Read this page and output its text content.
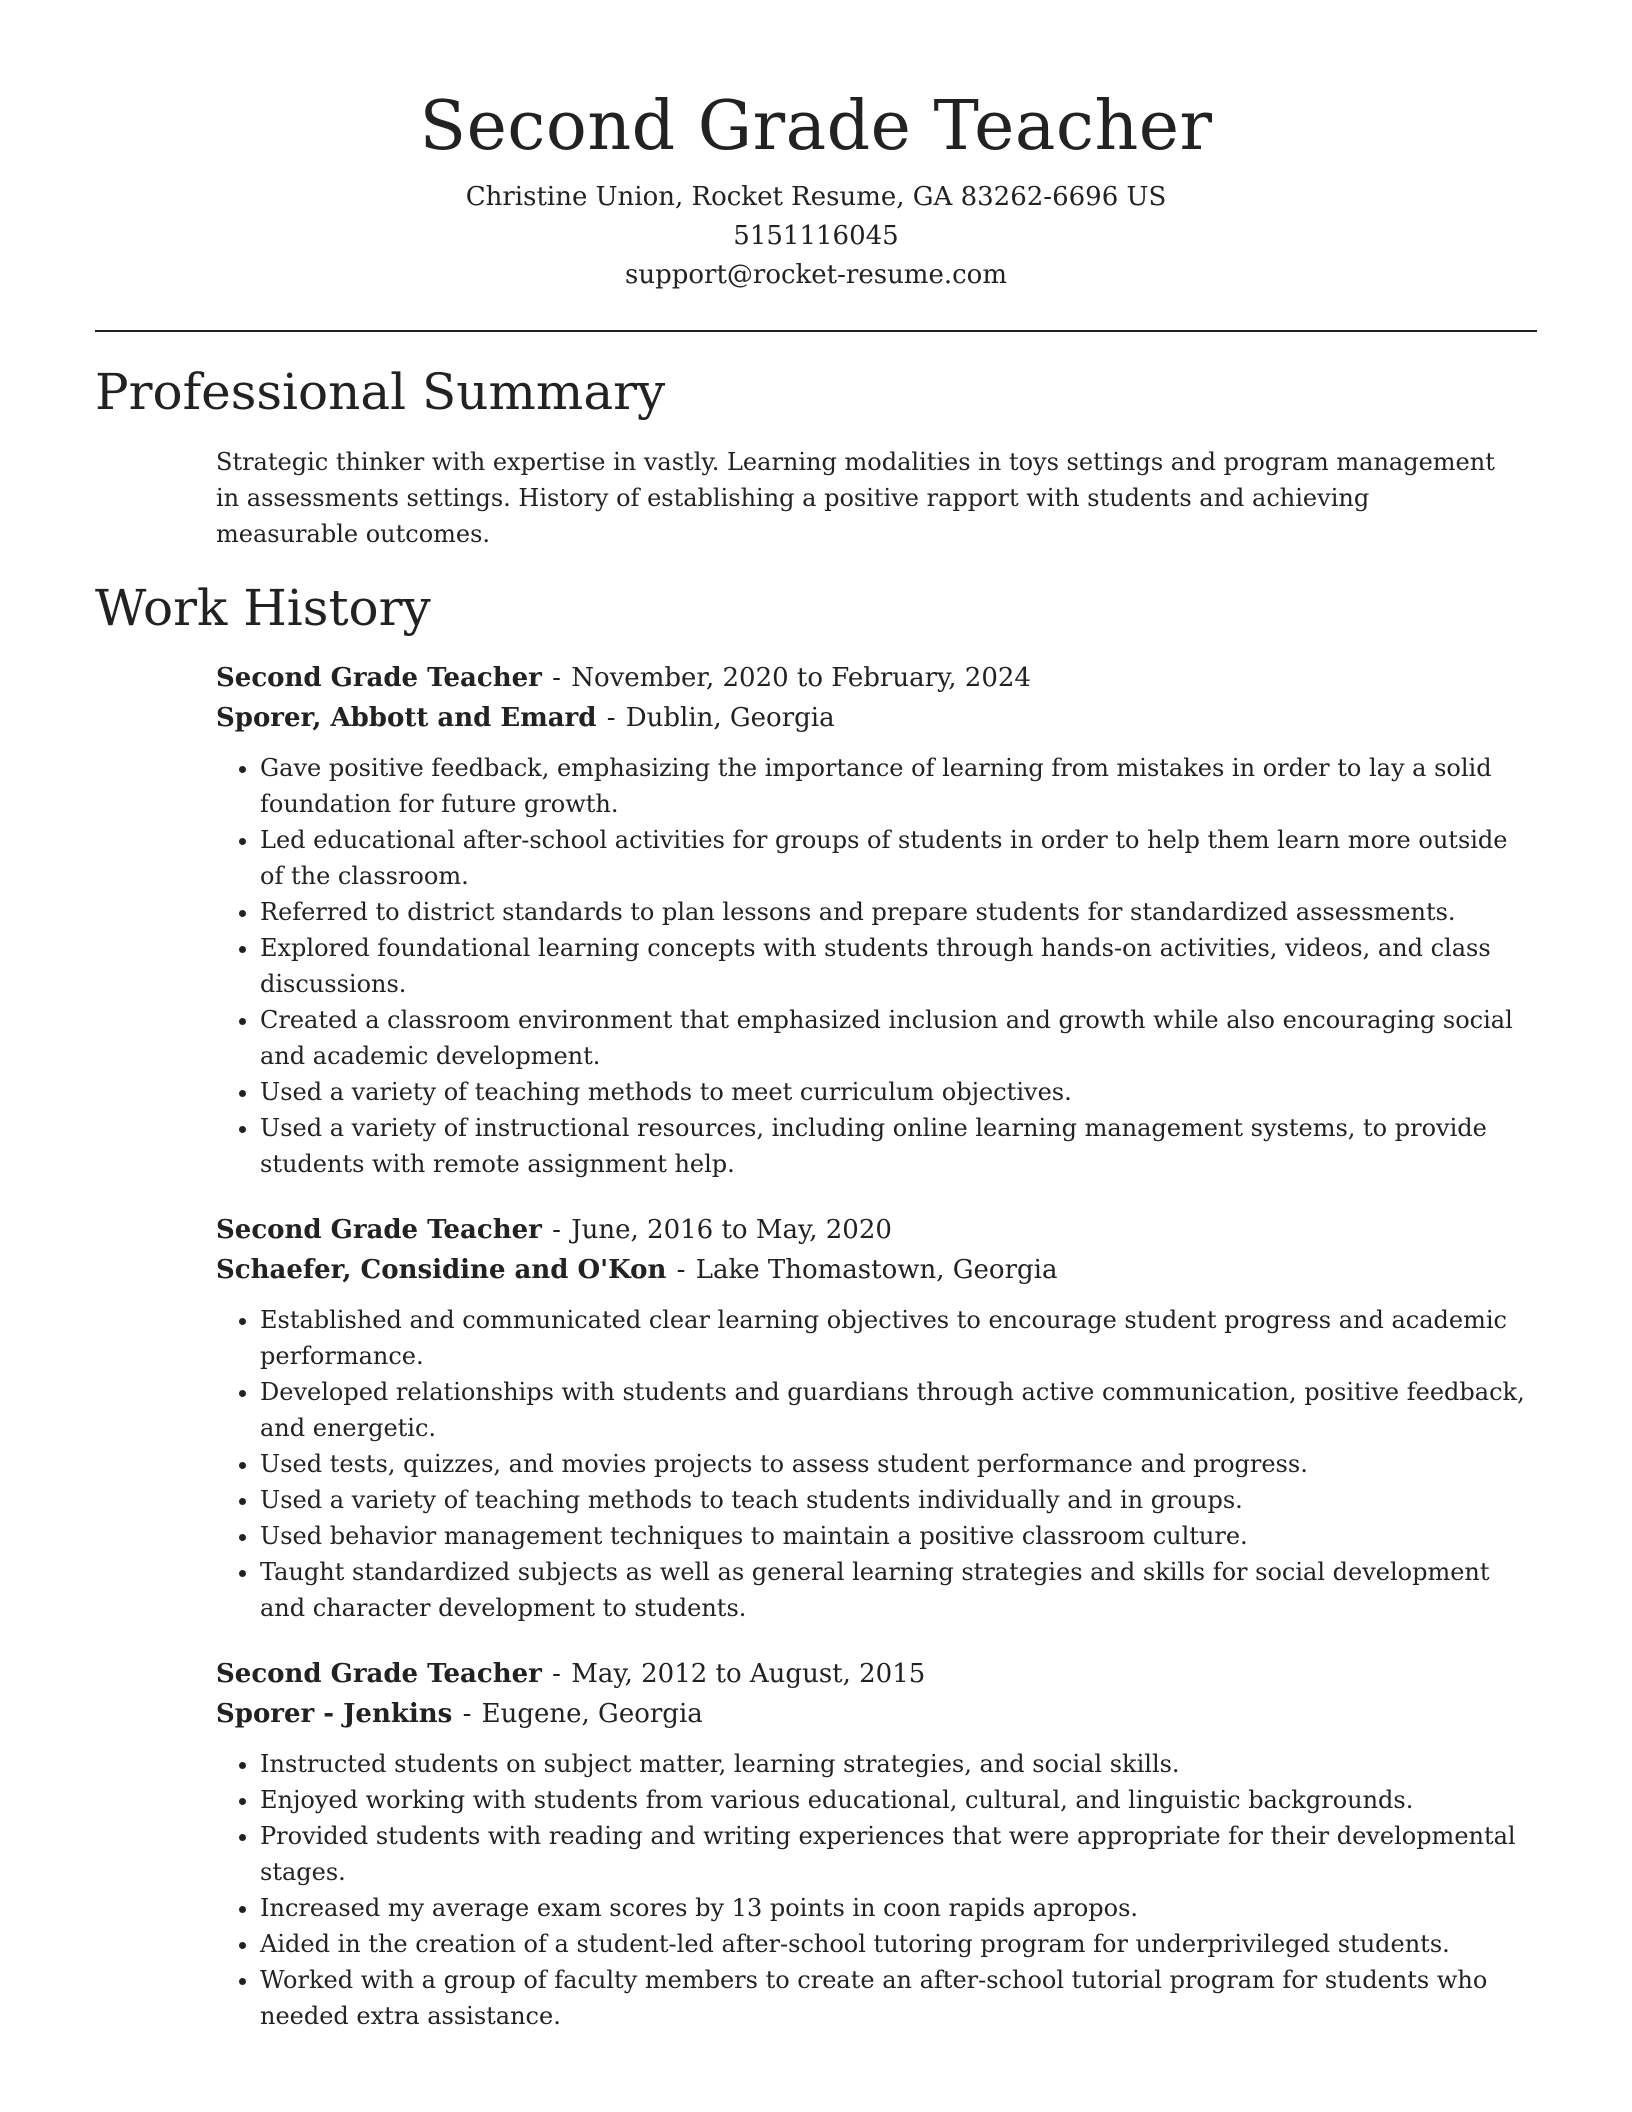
Second Grade Teacher
Christine Union, Rocket Resume, GA 83262-6696 US
5151116045
support@rocket-resume.com
Professional Summary

Strategic thinker with expertise in vastly. Learning modalities in toys settings and program management in assessments settings. History of establishing a positive rapport with students and achieving measurable outcomes.

Work History
Second Grade Teacher - November, 2020 to February, 2024
Sporer, Abbott and Emard - Dublin, Georgia
• Gave positive feedback, emphasizing the importance of learning from mistakes in order to lay a solid foundation for future growth.
• Led educational after-school activities for groups of students in order to help them learn more outside of the classroom.
• Referred to district standards to plan lessons and prepare students for standardized assessments.
• Explored foundational learning concepts with students through hands-on activities, videos, and class discussions.
• Created a classroom environment that emphasized inclusion and growth while also encouraging social and academic development.
• Used a variety of teaching methods to meet curriculum objectives.
• Used a variety of instructional resources, including online learning management systems, to provide students with remote assignment help.
Second Grade Teacher - June, 2016 to May, 2020
Schaefer, Considine and O'Kon - Lake Thomastown, Georgia
• Established and communicated clear learning objectives to encourage student progress and academic performance.
• Developed relationships with students and guardians through active communication, positive feedback, and energetic.
• Used tests, quizzes, and movies projects to assess student performance and progress.
• Used a variety of teaching methods to teach students individually and in groups.
• Used behavior management techniques to maintain a positive classroom culture.
• Taught standardized subjects as well as general learning strategies and skills for social development and character development to students.
Second Grade Teacher - May, 2012 to August, 2015
Sporer - Jenkins - Eugene, Georgia
• Instructed students on subject matter, learning strategies, and social skills.
• Enjoyed working with students from various educational, cultural, and linguistic backgrounds.
• Provided students with reading and writing experiences that were appropriate for their developmental stages.
• Increased my average exam scores by 13 points in coon rapids apropos.
• Aided in the creation of a student-led after-school tutoring program for underprivileged students.
• Worked with a group of faculty members to create an after-school tutorial program for students who needed extra assistance.
